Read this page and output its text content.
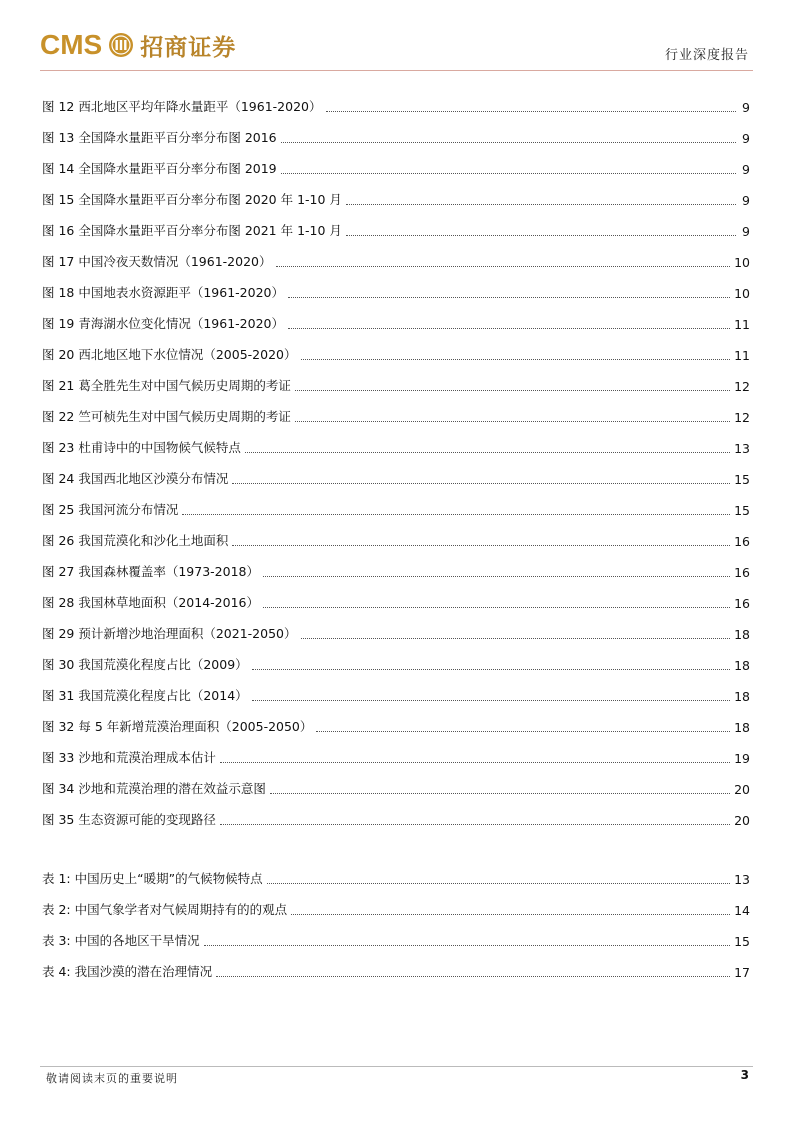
CMS 招商证券	行业深度报告
图 12 西北地区平均年降水量距平（1961-2020）	9
图 13 全国降水量距平百分率分布图 2016	9
图 14 全国降水量距平百分率分布图 2019	9
图 15 全国降水量距平百分率分布图 2020 年 1-10 月	9
图 16 全国降水量距平百分率分布图 2021 年 1-10 月	9
图 17 中国冷夜天数情况（1961-2020）	10
图 18 中国地表水资源距平（1961-2020）	10
图 19 青海湖水位变化情况（1961-2020）	11
图 20 西北地区地下水位情况（2005-2020）	11
图 21 葛全胜先生对中国气候历史周期的考证	12
图 22 竺可桢先生对中国气候历史周期的考证	12
图 23 杜甫诗中的中国物候气候特点	13
图 24 我国西北地区沙漠分布情况	15
图 25 我国河流分布情况	15
图 26 我国荒漠化和沙化土地面积	16
图 27 我国森林覆盖率（1973-2018）	16
图 28 我国林草地面积（2014-2016）	16
图 29 预计新增沙地治理面积（2021-2050）	18
图 30 我国荒漠化程度占比（2009）	18
图 31 我国荒漠化程度占比（2014）	18
图 32 每 5 年新增荒漠治理面积（2005-2050）	18
图 33 沙地和荒漠治理成本估计	19
图 34 沙地和荒漠治理的潜在效益示意图	20
图 35 生态资源可能的变现路径	20
表 1: 中国历史上“暖期”的气候物候特点	13
表 2: 中国气象学者对气候周期持有的的观点	14
表 3: 中国的各地区干旱情况	15
表 4: 我国沙漠的潜在治理情况	17
敬请阅读末页的重要说明	3
